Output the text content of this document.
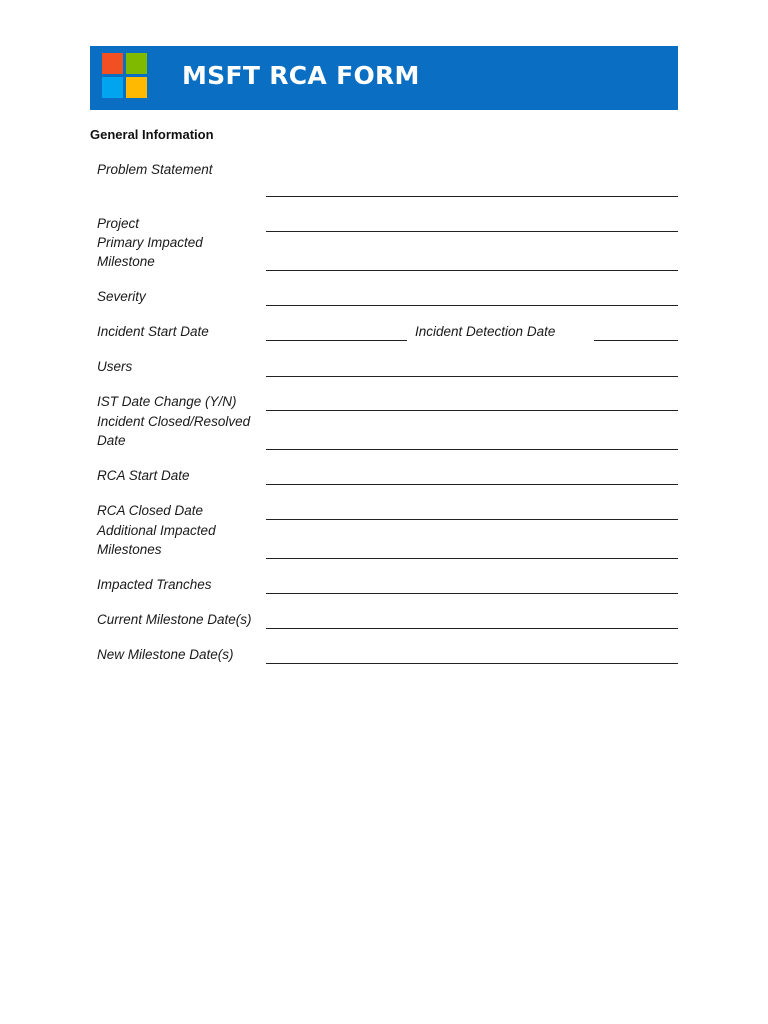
MSFT RCA FORM
General Information
Problem Statement
Project
Primary Impacted Milestone
Severity
Incident Start Date	Incident Detection Date
Users
IST Date Change (Y/N)
Incident Closed/Resolved Date
RCA Start Date
RCA Closed Date
Additional Impacted Milestones
Impacted Tranches
Current Milestone Date(s)
New Milestone Date(s)
